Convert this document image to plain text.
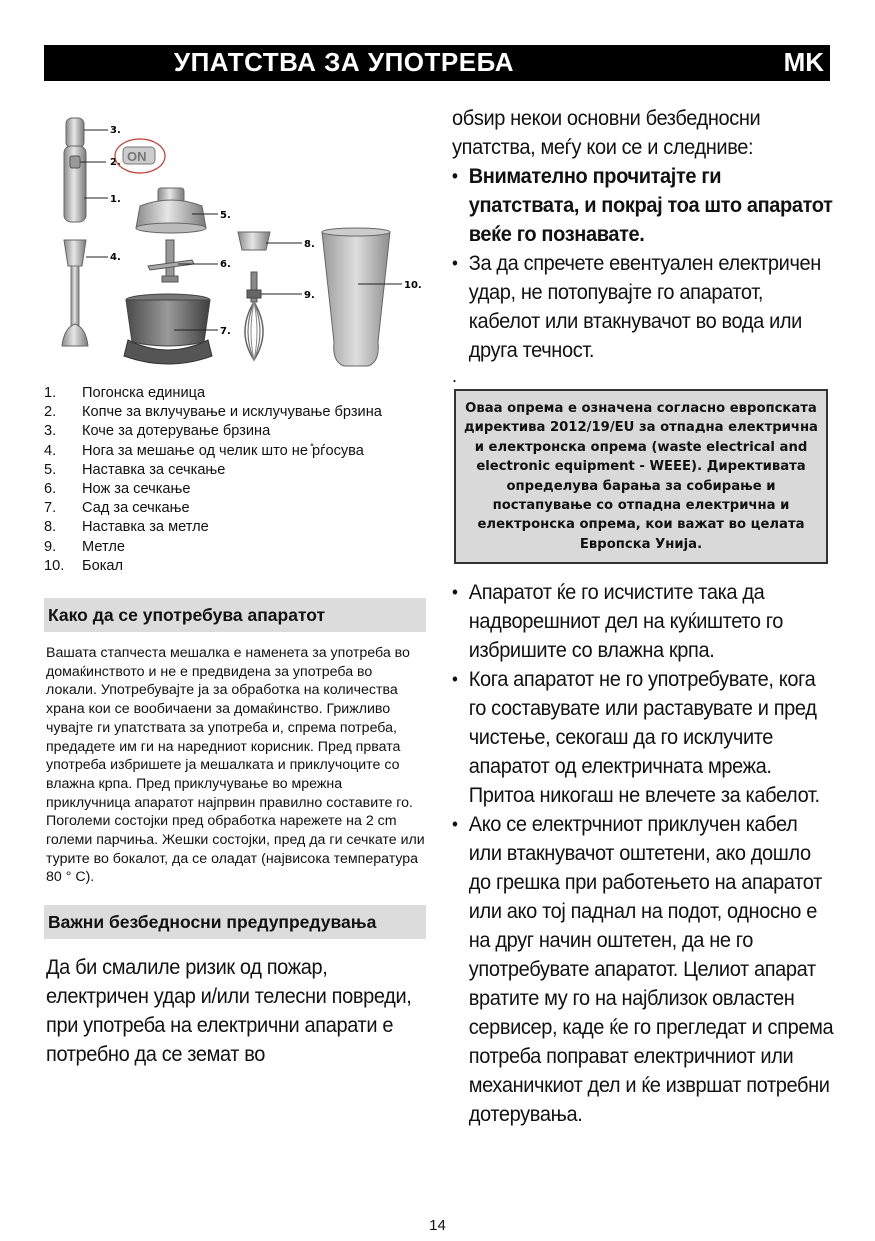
УПАТСТВА ЗА УПОТРЕБА	MK
3.
2. ON
1.
4.
5.
6.
7.
8.
9.
10.
1.	Погонска единица
2.	Копче за вклучување и исклучување брзина
3.	Коче за дотерување брзина
4.	Нога за мешање од челик што не ̊рѓосува
5.	Наставка за сечкање
6.	Нож за сечкање
7.	Сад за сечкање
8.	Наставка за метле
9.	Метле
10.	Бокал
Како да се употребува апаратот

Вашата стапчеста мешалка е наменета за употреба во домаќинството и не е предвидена за употреба во локали. Употребувајте ја за обработка на количества храна кои се вообичаени за домаќинство. Грижливо чувајте ги упатствата за употреба и, спрема потреба, предадете им ги на наредниот корисник. Пред првата употреба избришете ја мешалката и приклучоците со влажна крпа. Пред приклучување во мрежна приклучница апаратот најпрвин правилно составите го. Поголеми состојки пред обработка нарежете на 2 cm големи парчиња. Жешки состојки, пред да ги сечкате или турите во бокалот, да се оладат (највисока температура 80 ° C).

Важни безбедносни предупредувања

Да би смалиле ризик од пожар, електричен удар и/или телесни повреди, при употреба на електрични апарати е потребно да се земат во

обѕир некои основни безбедносни упатства, меѓу кои се и следниве:
• Внимателно прочитајте ги упатствата, и покрај тоа што апаратот веќе го познавате.
• За да спречете евентуален електричен удар, не потопувајте го апаратот, кабелот или втакнувачот во вода или друга течност.
.
Оваа опрема е означена согласно европската директива 2012/19/EU за отпадна електрична и електронска опрема (waste electrical and electronic equipment - WEEE). Директивата определува барања за собирање и постапување со отпадна електрична и електронска опрема, кои важат во целата Европска Унија.
• Апаратот ќе го исчистите така да надворешниот дел на куќиштето го избришите со влажна крпа.
• Кога апаратот не го употребувате, кога го составувате или раставувате и пред чистење, секогаш да го исклучите апаратот од електричната мрежа. Притоа никогаш не влечете за кабелот.
• Ако се електрчниот приклучен кабел или втакнувачот оштетени, ако дошло до грешка при работењето на апаратот или ако тој паднал на подот, односно е на друг начин оштетен, да не го употребувате апаратот. Целиот апарат вратите му го на најблизок овластен сервисер, каде ќе го прегледат и спрема потреба поправат електричниот или механичкиот дел и ќе извршат потребни дотерувања.
14
